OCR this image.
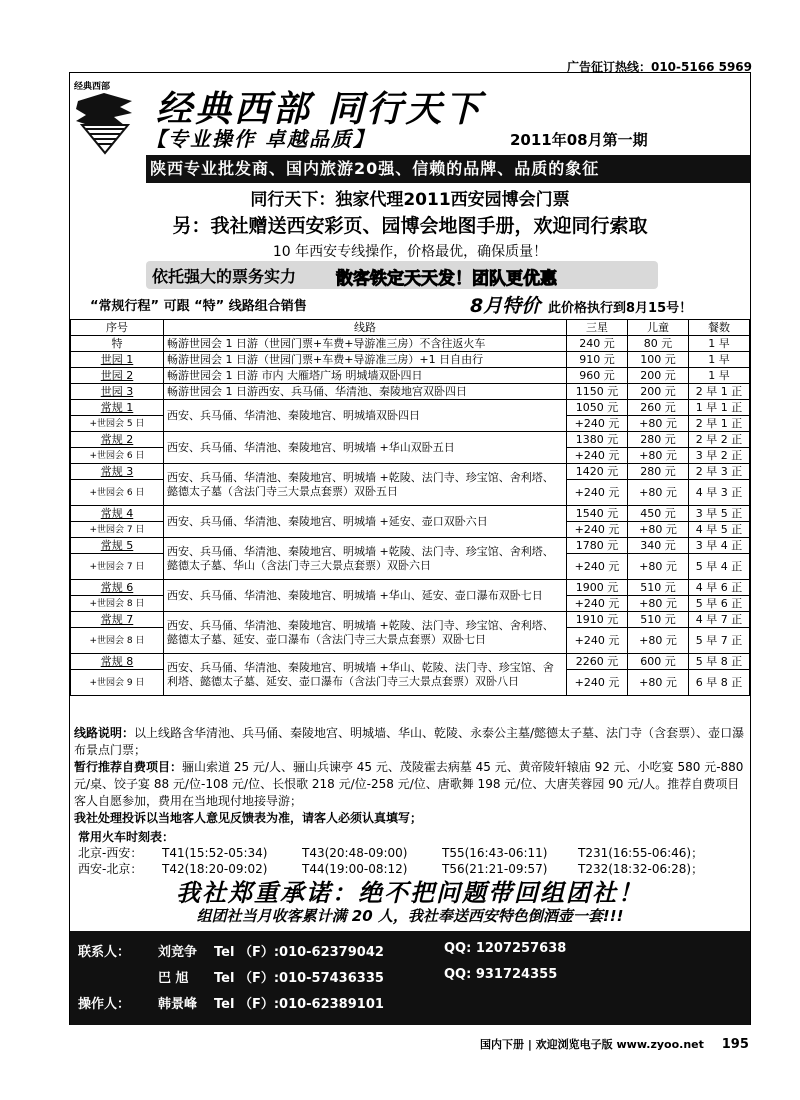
广告征订热线：010-5166 5969
经典西部
经典西部 同行天下
【专业操作 卓越品质】	2011年08月第一期
陕西专业批发商、国内旅游20强、信赖的品牌、品质的象征
同行天下：独家代理2011西安园博会门票
另：我社赠送西安彩页、园博会地图手册，欢迎同行索取
10 年西安专线操作，价格最优，确保质量！
依托强大的票务实力 散客铁定天天发！团队更优惠
“常规行程” 可跟 “特” 线路组合销售	8月特价 此价格执行到8月15号！
序号	线路	三星	儿童	餐数
特	畅游世园会 1 日游（世园门票+车费+导游准三房）不含往返火车	240 元	80 元	1 早
世园 1	畅游世园会 1 日游（世园门票+车费+导游准三房）+1 日自由行	910 元	100 元	1 早
世园 2	畅游世园会 1 日游 市内 大雁塔广场 明城墙双卧四日	960 元	200 元	1 早
世园 3	畅游世园会 1 日游西安、兵马俑、华清池、秦陵地宫双卧四日	1150 元	200 元	2 早 1 正
常规 1	西安、兵马俑、华清池、秦陵地宫、明城墙双卧四日	1050 元	260 元	1 早 1 正
+世园会 5 日		+240 元	+80 元	2 早 1 正
常规 2	西安、兵马俑、华清池、秦陵地宫、明城墙 +华山双卧五日	1380 元	280 元	2 早 2 正
+世园会 6 日		+240 元	+80 元	3 早 2 正
常规 3	西安、兵马俑、华清池、秦陵地宫、明城墙 +乾陵、法门寺、珍宝馆、舍利塔、懿德太子墓（含法门寺三大景点套票）双卧五日	1420 元	280 元	2 早 3 正
+世园会 6 日		+240 元	+80 元	4 早 3 正
常规 4	西安、兵马俑、华清池、秦陵地宫、明城墙 +延安、壶口双卧六日	1540 元	450 元	3 早 5 正
+世园会 7 日		+240 元	+80 元	4 早 5 正
常规 5	西安、兵马俑、华清池、秦陵地宫、明城墙 +乾陵、法门寺、珍宝馆、舍利塔、懿德太子墓、华山（含法门寺三大景点套票）双卧六日	1780 元	340 元	3 早 4 正
+世园会 7 日		+240 元	+80 元	5 早 4 正
常规 6	西安、兵马俑、华清池、秦陵地宫、明城墙 +华山、延安、壶口瀑布双卧七日	1900 元	510 元	4 早 6 正
+世园会 8 日		+240 元	+80 元	5 早 6 正
常规 7	西安、兵马俑、华清池、秦陵地宫、明城墙 +乾陵、法门寺、珍宝馆、舍利塔、懿德太子墓、延安、壶口瀑布（含法门寺三大景点套票）双卧七日	1910 元	510 元	4 早 7 正
+世园会 8 日		+240 元	+80 元	5 早 7 正
常规 8	西安、兵马俑、华清池、秦陵地宫、明城墙 +华山、乾陵、法门寺、珍宝馆、舍利塔、懿德太子墓、延安、壶口瀑布（含法门寺三大景点套票）双卧八日	2260 元	600 元	5 早 8 正
+世园会 9 日		+240 元	+80 元	6 早 8 正
线路说明：以上线路含华清池、兵马俑、秦陵地宫、明城墙、华山、乾陵、永泰公主墓/懿德太子墓、法门寺（含套票）、壶口瀑布景点门票；
暂行推荐自费项目：骊山索道 25 元/人、骊山兵谏亭 45 元、茂陵霍去病墓 45 元、黄帝陵轩辕庙 92 元、小吃宴 580 元-880 元/桌、饺子宴 88 元/位-108 元/位、长恨歌 218 元/位-258 元/位、唐歌舞 198 元/位、大唐芙蓉园 90 元/人。推荐自费项目客人自愿参加，费用在当地现付地接导游；
我社处理投诉以当地客人意见反馈表为准，请客人必须认真填写；
常用火车时刻表：
北京-西安：	T41(15:52-05:34)	T43(20:48-09:00)	T55(16:43-06:11)	T231(16:55-06:46)；
西安-北京：	T42(18:20-09:02)	T44(19:00-08:12)	T56(21:21-09:57)	T232(18:32-06:28)；
我社郑重承诺：绝不把问题带回组团社！
组团社当月收客累计满 20 人，我社奉送西安特色倒酒壶一套!!!
联系人： 刘竞争 Tel （F）:010-62379042	QQ: 1207257638
巴 旭 Tel （F）:010-57436335	QQ: 931724355
操作人： 韩景峰 Tel （F）:010-62389101
国内下册 | 欢迎浏览电子版 www.zyoo.net 195
